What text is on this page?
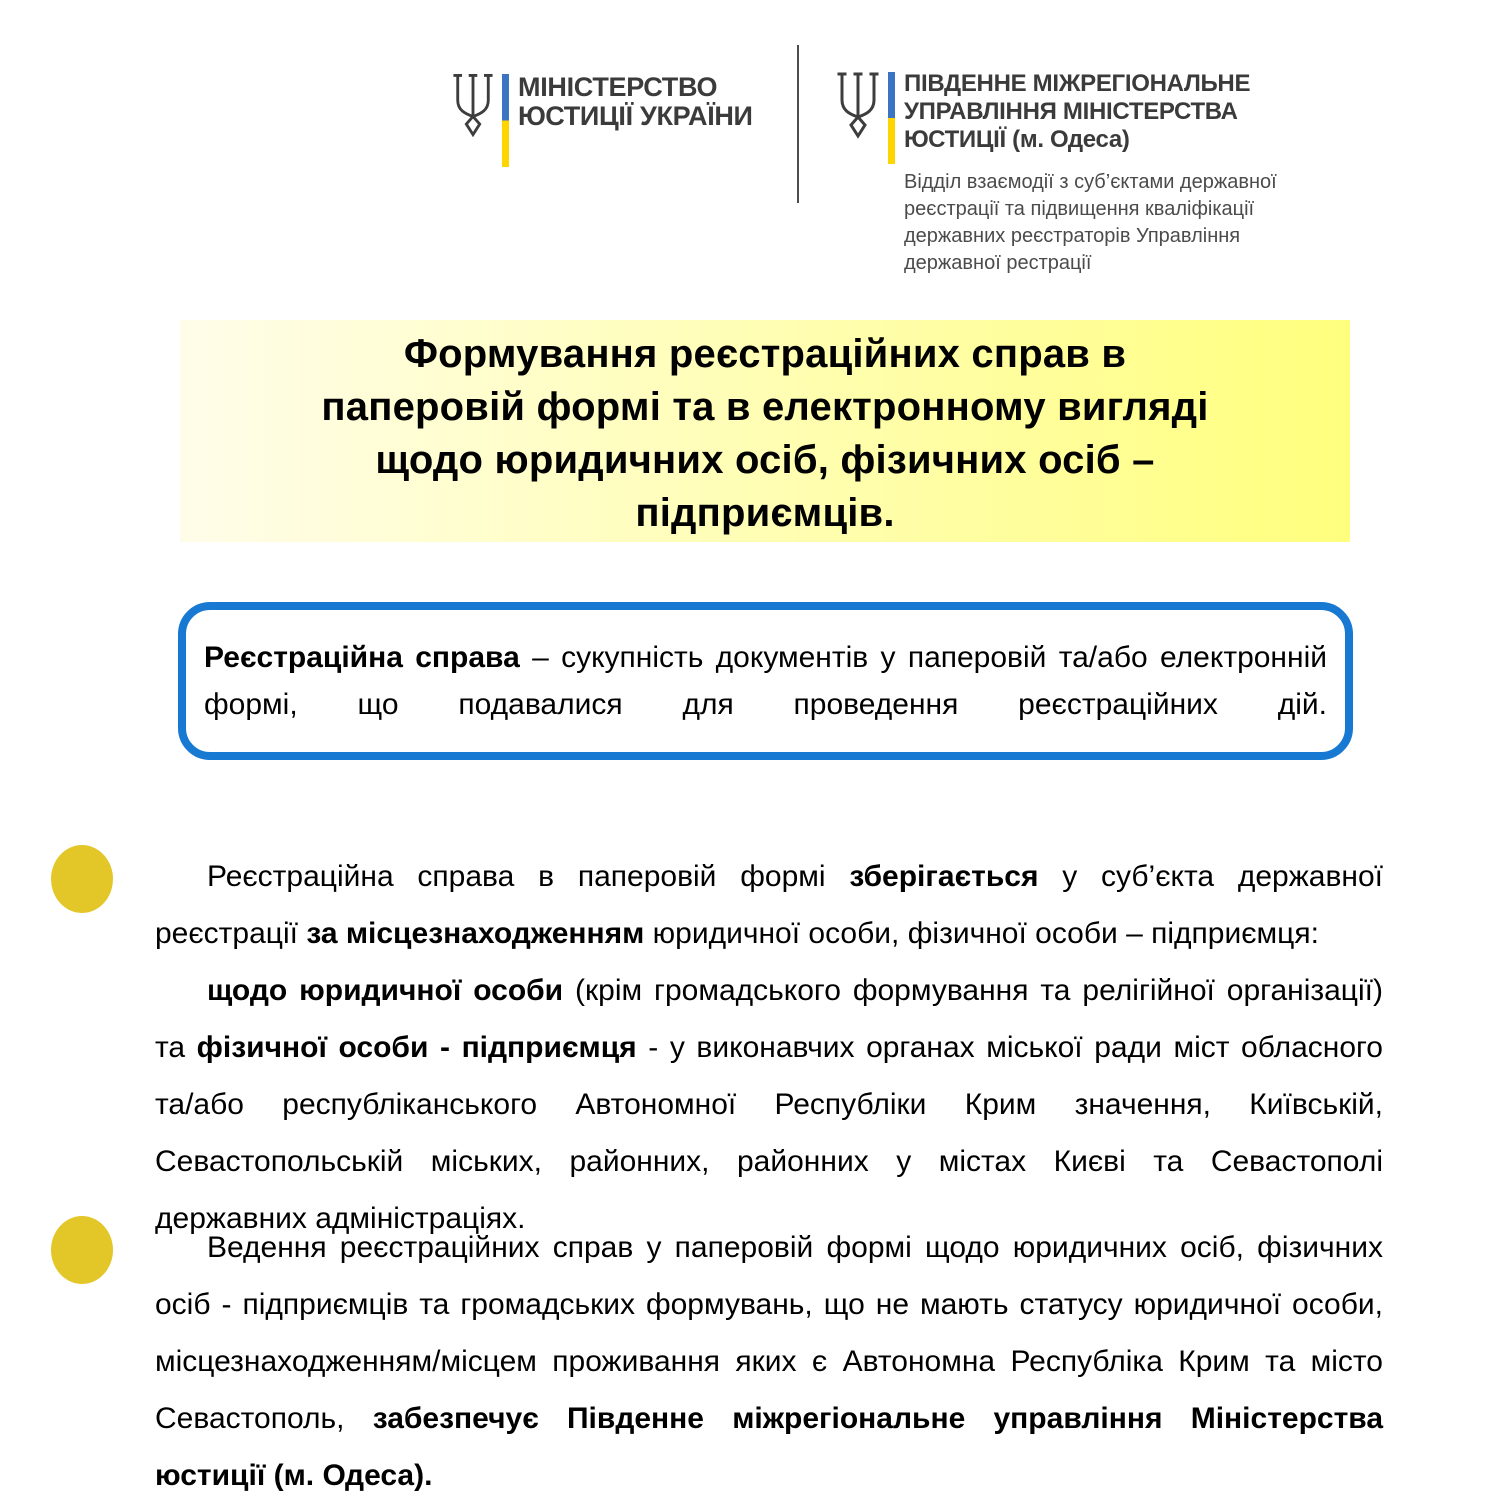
МІНІСТЕРСТВО
ЮСТИЦІЇ УКРАЇНИ
ПІВДЕННЕ МІЖРЕГІОНАЛЬНЕ
УПРАВЛІННЯ МІНІСТЕРСТВА
ЮСТИЦІЇ (м. Одеса)
Відділ взаємодії з суб’єктами державної реєстрації та підвищення кваліфікації державних реєстраторів Управління державної рестрації
Формування реєстраційних справ в
паперовій формі та в електронному вигляді
щодо юридичних осіб, фізичних осіб –
підприємців.

Реєстраційна справа – сукупність документів у паперовій та/або електронній формі, що подавалися для проведення реєстраційних дій.

Реєстраційна справа в паперовій формі зберігається у суб’єкта державної реєстрації за місцезнаходженням юридичної особи, фізичної особи – підприємця:

щодо юридичної особи (крім громадського формування та релігійної організації) та фізичної особи - підприємця - у виконавчих органах міської ради міст обласного та/або республіканського Автономної Республіки Крим значення, Київській, Севастопольській міських, районних, районних у містах Києві та Севастополі державних адміністраціях.

Ведення реєстраційних справ у паперовій формі щодо юридичних осіб, фізичних осіб - підприємців та громадських формувань, що не мають статусу юридичної особи, місцезнаходженням/місцем проживання яких є Автономна Республіка Крим та місто Севастополь, забезпечує Південне міжрегіональне управління Міністерства юстиції (м. Одеса).
